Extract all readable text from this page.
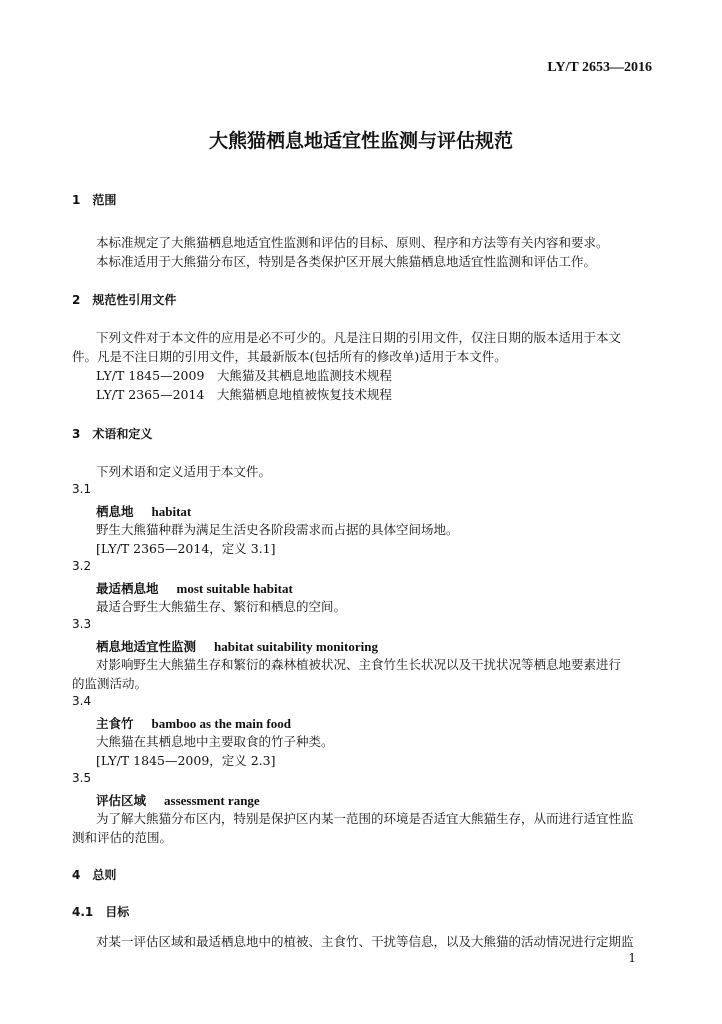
LY/T 2653—2016
大熊猫栖息地适宜性监测与评估规范
1　范围
本标准规定了大熊猫栖息地适宜性监测和评估的目标、原则、程序和方法等有关内容和要求。
本标准适用于大熊猫分布区，特别是各类保护区开展大熊猫栖息地适宜性监测和评估工作。
2　规范性引用文件
下列文件对于本文件的应用是必不可少的。凡是注日期的引用文件，仅注日期的版本适用于本文
件。凡是不注日期的引用文件，其最新版本(包括所有的修改单)适用于本文件。
LY/T 1845—2009　大熊猫及其栖息地监测技术规程
LY/T 2365—2014　大熊猫栖息地植被恢复技术规程
3　术语和定义
下列术语和定义适用于本文件。
3.1
栖息地 habitat
野生大熊猫种群为满足生活史各阶段需求而占据的具体空间场地。
[LY/T 2365—2014，定义 3.1]
3.2
最适栖息地 most suitable habitat
最适合野生大熊猫生存、繁衍和栖息的空间。
3.3
栖息地适宜性监测 habitat suitability monitoring
对影响野生大熊猫生存和繁衍的森林植被状况、主食竹生长状况以及干扰状况等栖息地要素进行
的监测活动。
3.4
主食竹 bamboo as the main food
大熊猫在其栖息地中主要取食的竹子种类。
[LY/T 1845—2009，定义 2.3]
3.5
评估区域 assessment range
为了解大熊猫分布区内，特别是保护区内某一范围的环境是否适宜大熊猫生存，从而进行适宜性监
测和评估的范围。
4　总则
4.1　目标
对某一评估区域和最适栖息地中的植被、主食竹、干扰等信息，以及大熊猫的活动情况进行定期监
1
